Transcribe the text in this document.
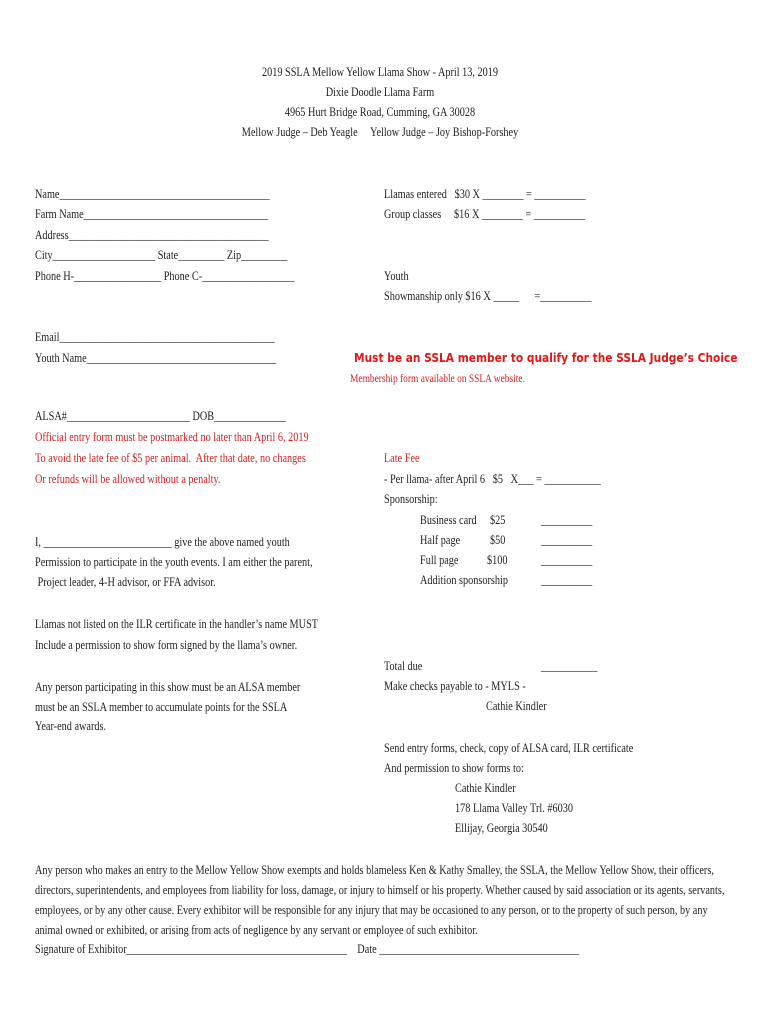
2019 SSLA Mellow Yellow Llama Show - April 13, 2019
Dixie Doodle Llama Farm
4965 Hurt Bridge Road, Cumming, GA 30028
Mellow Judge – Deb Yeagle     Yellow Judge – Joy Bishop-Forshey
Name_________________________________________
Farm Name____________________________________
Address_______________________________________
City____________________ State_________ Zip_________
Phone H-_________________ Phone C-__________________
Email__________________________________________
Youth Name_____________________________________
ALSA#________________________ DOB______________
Official entry form must be postmarked no later than April 6, 2019
To avoid the late fee of $5 per animal.  After that date, no changes
Or refunds will be allowed without a penalty.
I, _________________________ give the above named youth
Permission to participate in the youth events. I am either the parent,
Project leader, 4-H advisor, or FFA advisor.
Llamas not listed on the ILR certificate in the handler’s name MUST
Include a permission to show form signed by the llama’s owner.
Any person participating in this show must be an ALSA member
must be an SSLA member to accumulate points for the SSLA
Year-end awards.
Llamas entered   $30 X ________ = __________
Group classes     $16 X ________ = __________
Youth
Showmanship only $16 X _____      =__________
Must be an SSLA member to qualify for the SSLA Judge’s Choice
Membership form available on SSLA website.
Late Fee
- Per llama- after April 6   $5   X___ = ___________
Sponsorship:
Business card $25	__________
Half page $50	__________
Full page $100	__________
Addition sponsorship	__________
Total due	___________
Make checks payable to - MYLS -
Cathie Kindler
Send entry forms, check, copy of ALSA card, ILR certificate
And permission to show forms to:
Cathie Kindler
178 Llama Valley Trl. #6030
Ellijay, Georgia 30540
Any person who makes an entry to the Mellow Yellow Show exempts and holds blameless Ken & Kathy Smalley, the SSLA, the Mellow Yellow Show, their officers, directors, superintendents, and employees from liability for loss, damage, or injury to himself or his property. Whether caused by said association or its agents, servants, employees, or by any other cause. Every exhibitor will be responsible for any injury that may be occasioned to any person, or to the property of such person, by any animal owned or exhibited, or arising from acts of negligence by any servant or employee of such exhibitor.
Signature of Exhibitor___________________________________________    Date _______________________________________
